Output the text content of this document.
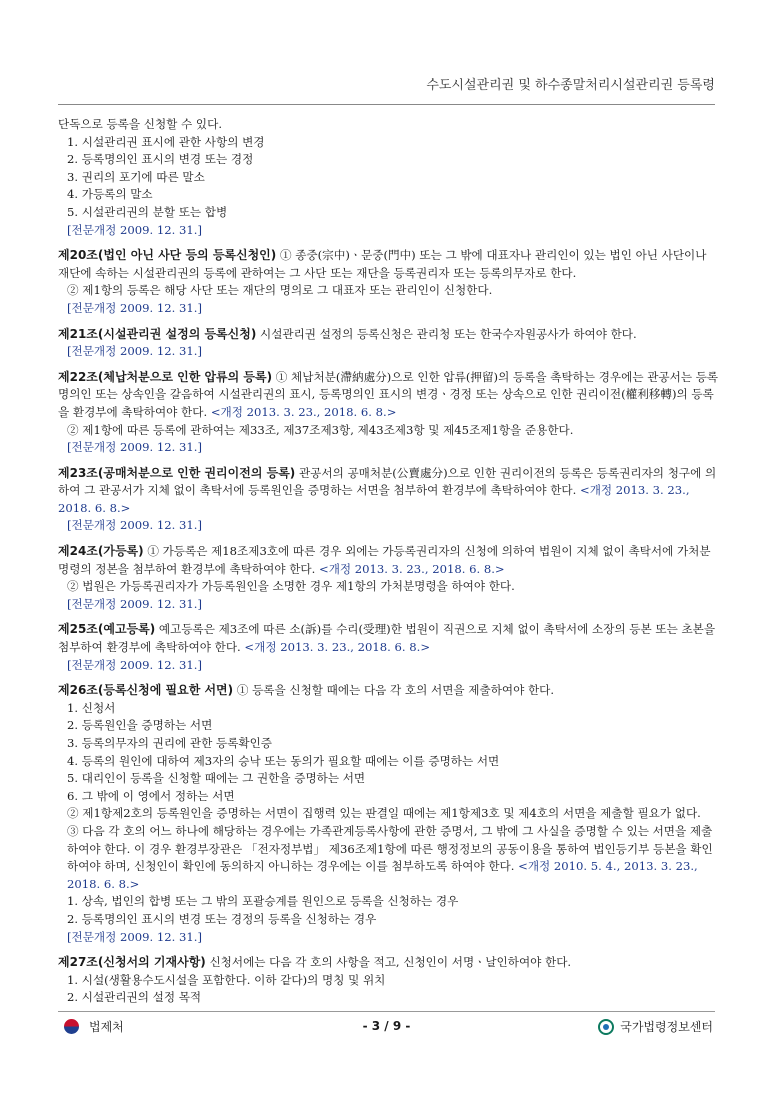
수도시설관리권 및 하수종말처리시설관리권 등록령

단독으로 등록을 신청할 수 있다.

1. 시설관리권 표시에 관한 사항의 변경

2. 등록명의인 표시의 변경 또는 경정

3. 권리의 포기에 따른 말소

4. 가등록의 말소

5. 시설관리권의 분할 또는 합병

[전문개정 2009. 12. 31.]

제20조(법인 아닌 사단 등의 등록신청인) ① 종중(宗中)ㆍ문중(門中) 또는 그 밖에 대표자나 관리인이 있는 법인 아닌 사단이나 재단에 속하는 시설관리권의 등록에 관하여는 그 사단 또는 재단을 등록권리자 또는 등록의무자로 한다.

② 제1항의 등록은 해당 사단 또는 재단의 명의로 그 대표자 또는 관리인이 신청한다.

[전문개정 2009. 12. 31.]

제21조(시설관리권 설정의 등록신청) 시설관리권 설정의 등록신청은 관리청 또는 한국수자원공사가 하여야 한다.

[전문개정 2009. 12. 31.]

제22조(체납처분으로 인한 압류의 등록) ① 체납처분(滯納處分)으로 인한 압류(押留)의 등록을 촉탁하는 경우에는 관공서는 등록명의인 또는 상속인을 갈음하여 시설관리권의 표시, 등록명의인 표시의 변경ㆍ경정 또는 상속으로 인한 권리이전(權利移轉)의 등록을 환경부에 촉탁하여야 한다. <개정 2013. 3. 23., 2018. 6. 8.>

② 제1항에 따른 등록에 관하여는 제33조, 제37조제3항, 제43조제3항 및 제45조제1항을 준용한다.

[전문개정 2009. 12. 31.]

제23조(공매처분으로 인한 권리이전의 등록) 관공서의 공매처분(公賣處分)으로 인한 권리이전의 등록은 등록권리자의 청구에 의하여 그 관공서가 지체 없이 촉탁서에 등록원인을 증명하는 서면을 첨부하여 환경부에 촉탁하여야 한다. <개정 2013. 3. 23., 2018. 6. 8.>

[전문개정 2009. 12. 31.]

제24조(가등록) ① 가등록은 제18조제3호에 따른 경우 외에는 가등록권리자의 신청에 의하여 법원이 지체 없이 촉탁서에 가처분명령의 정본을 첨부하여 환경부에 촉탁하여야 한다. <개정 2013. 3. 23., 2018. 6. 8.>

② 법원은 가등록권리자가 가등록원인을 소명한 경우 제1항의 가처분명령을 하여야 한다.

[전문개정 2009. 12. 31.]

제25조(예고등록) 예고등록은 제3조에 따른 소(訴)를 수리(受理)한 법원이 직권으로 지체 없이 촉탁서에 소장의 등본 또는 초본을 첨부하여 환경부에 촉탁하여야 한다. <개정 2013. 3. 23., 2018. 6. 8.>

[전문개정 2009. 12. 31.]

제26조(등록신청에 필요한 서면) ① 등록을 신청할 때에는 다음 각 호의 서면을 제출하여야 한다.

1. 신청서

2. 등록원인을 증명하는 서면

3. 등록의무자의 권리에 관한 등록확인증

4. 등록의 원인에 대하여 제3자의 승낙 또는 동의가 필요할 때에는 이를 증명하는 서면

5. 대리인이 등록을 신청할 때에는 그 권한을 증명하는 서면

6. 그 밖에 이 영에서 정하는 서면

② 제1항제2호의 등록원인을 증명하는 서면이 집행력 있는 판결일 때에는 제1항제3호 및 제4호의 서면을 제출할 필요가 없다.

③ 다음 각 호의 어느 하나에 해당하는 경우에는 가족관계등록사항에 관한 증명서, 그 밖에 그 사실을 증명할 수 있는 서면을 제출하여야 한다. 이 경우 환경부장관은 「전자정부법」 제36조제1항에 따른 행정정보의 공동이용을 통하여 법인등기부 등본을 확인하여야 하며, 신청인이 확인에 동의하지 아니하는 경우에는 이를 첨부하도록 하여야 한다. <개정 2010. 5. 4., 2013. 3. 23., 2018. 6. 8.>

1. 상속, 법인의 합병 또는 그 밖의 포괄승계를 원인으로 등록을 신청하는 경우

2. 등록명의인 표시의 변경 또는 경정의 등록을 신청하는 경우

[전문개정 2009. 12. 31.]

제27조(신청서의 기재사항) 신청서에는 다음 각 호의 사항을 적고, 신청인이 서명ㆍ날인하여야 한다.

1. 시설(생활용수도시설을 포함한다. 이하 같다)의 명칭 및 위치

2. 시설관리권의 설정 목적

법제처	- 3 / 9 -	국가법령정보센터
